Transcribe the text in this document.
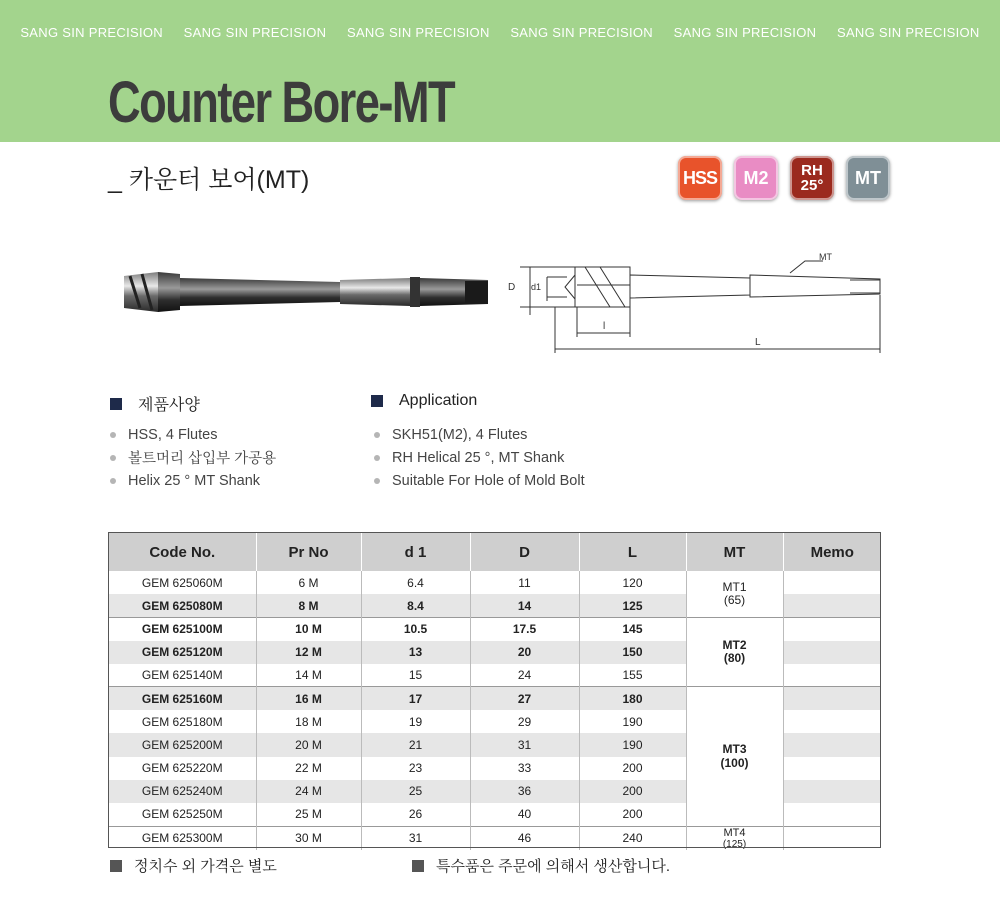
SANG SIN PRECISION SANG SIN PRECISION SANG SIN PRECISION SANG SIN PRECISION SANG SIN PRECISION SANG SIN PRECISION
Counter Bore-MT
_ 카운터 보어(MT)	HSS	M2	RH
25°	MT
MT
D d1
l
L
제품사양
HSS, 4 Flutes
볼트머리 삽입부 가공용
Helix 25 ° MT Shank
Application
SKH51(M2), 4 Flutes
RH Helical 25 °, MT Shank
Suitable For Hole of Mold Bolt
Code No.	Pr No	d 1	D	L	MT	Memo
GEM 625060M	6 M	6.4	11	120	MT1
(65)	

GEM 625080M	8 M	8.4	14	125		
GEM 625100M	10 M	10.5	17.5	145	MT2
(80)	

GEM 625120M	12 M	13	20	150		
GEM 625140M	14 M	15	24	155		
GEM 625160M	16 M	17	27	180	MT3
(100)	

GEM 625180M	18 M	19	29	190		
GEM 625200M	20 M	21	31	190		
GEM 625220M	22 M	23	33	200		
GEM 625240M	24 M	25	36	200		
GEM 625250M	25 M	26	40	200		
GEM 625300M	30 M	31	46	240	MT4
(125)	

정치수 외 가격은 별도	특수품은 주문에 의해서 생산합니다.
